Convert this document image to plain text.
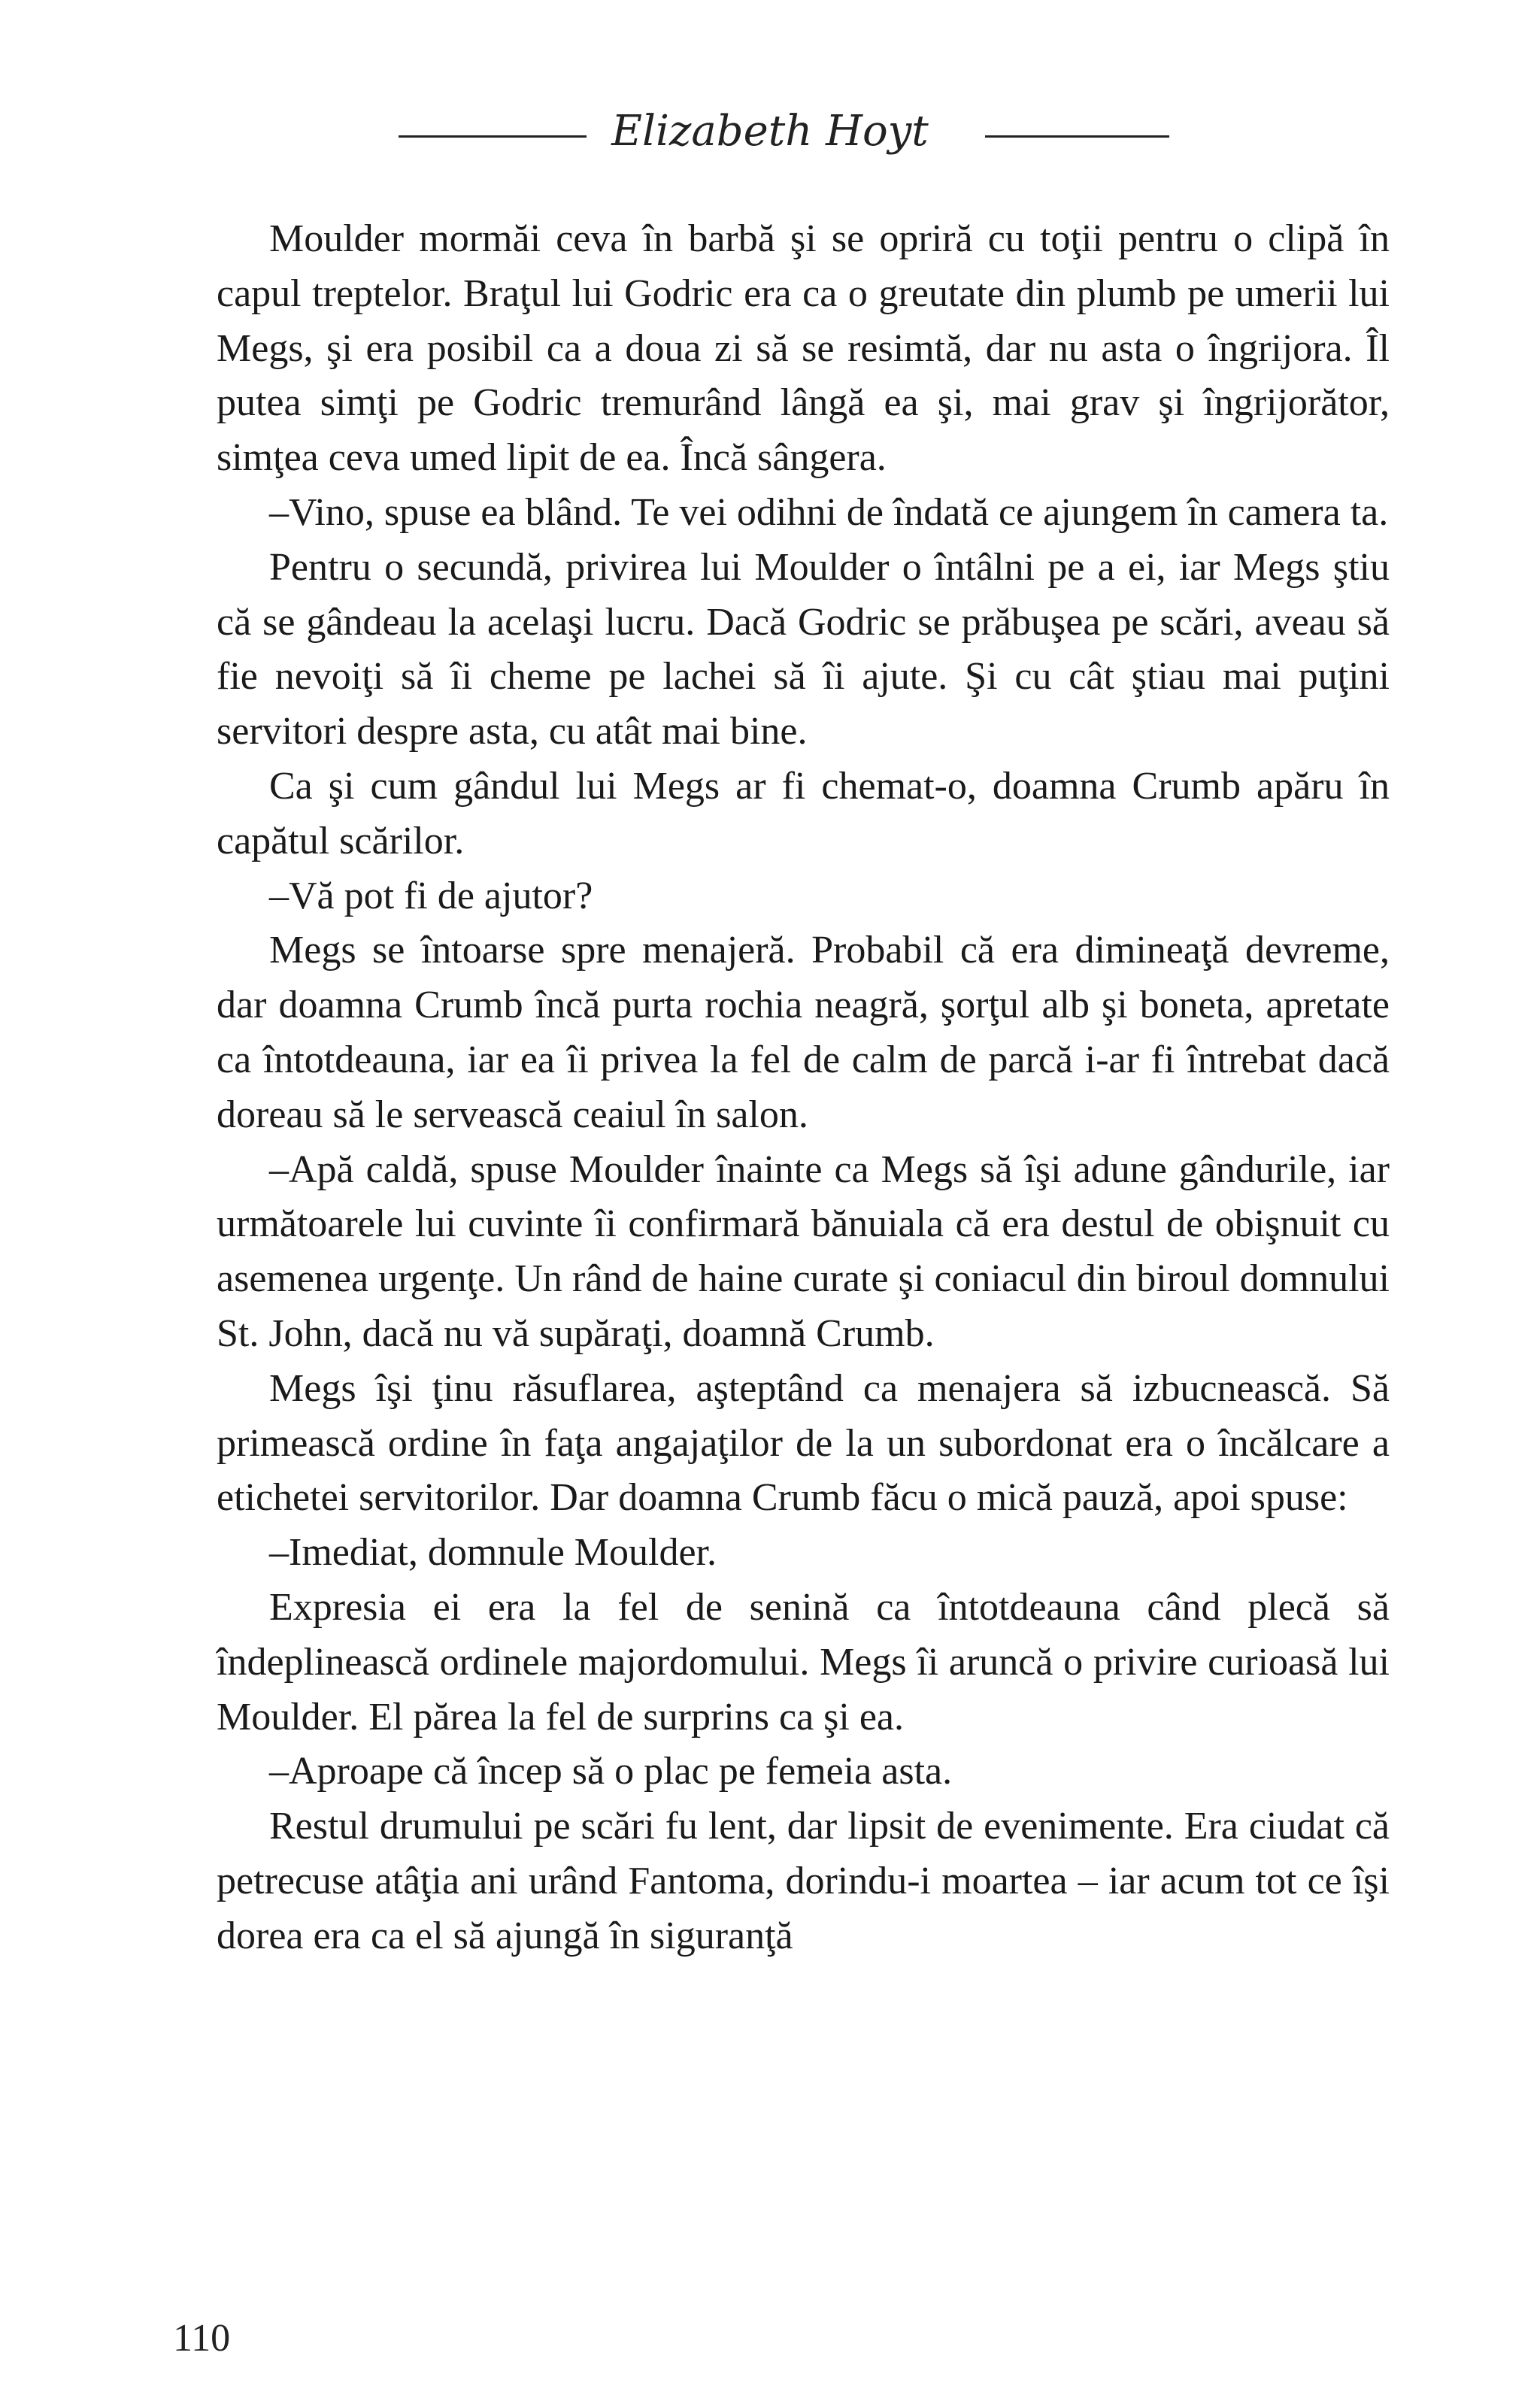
Elizabeth Hoyt

Moulder mormăi ceva în barbă şi se opriră cu toţii pentru o clipă în capul treptelor. Braţul lui Godric era ca o greutate din plumb pe umerii lui Megs, şi era posibil ca a doua zi să se resimtă, dar nu asta o îngrijora. Îl putea simţi pe Godric tremurând lângă ea şi, mai grav şi îngrijorător, simţea ceva umed lipit de ea. Încă sângera.

–Vino, spuse ea blând. Te vei odihni de îndată ce ajungem în camera ta.

Pentru o secundă, privirea lui Moulder o întâlni pe a ei, iar Megs ştiu că se gândeau la acelaşi lucru. Dacă Godric se prăbuşea pe scări, aveau să fie nevoiţi să îi cheme pe lachei să îi ajute. Şi cu cât ştiau mai puţini servitori despre asta, cu atât mai bine.

Ca şi cum gândul lui Megs ar fi chemat-o, doamna Crumb apăru în capătul scărilor.

–Vă pot fi de ajutor?

Megs se întoarse spre menajeră. Probabil că era dimineaţă devreme, dar doamna Crumb încă purta rochia neagră, şorţul alb şi boneta, apretate ca întotdeauna, iar ea îi privea la fel de calm de parcă i-ar fi întrebat dacă doreau să le servească ceaiul în salon.

–Apă caldă, spuse Moulder înainte ca Megs să îşi adune gândurile, iar următoarele lui cuvinte îi confirmară bănuiala că era destul de obişnuit cu asemenea urgenţe. Un rând de haine curate şi coniacul din biroul domnului St. John, dacă nu vă supăraţi, doamnă Crumb.

Megs îşi ţinu răsuflarea, aşteptând ca menajera să izbucnească. Să primească ordine în faţa angajaţilor de la un subordonat era o încălcare a etichetei servitorilor. Dar doamna Crumb făcu o mică pauză, apoi spuse:

–Imediat, domnule Moulder.

Expresia ei era la fel de senină ca întotdeauna când plecă să îndeplinească ordinele majordomului. Megs îi aruncă o privire curioasă lui Moulder. El părea la fel de surprins ca şi ea.

–Aproape că încep să o plac pe femeia asta.

Restul drumului pe scări fu lent, dar lipsit de evenimente. Era ciudat că petrecuse atâţia ani urând Fantoma, dorindu-i moartea – iar acum tot ce îşi dorea era ca el să ajungă în siguranţă

110
